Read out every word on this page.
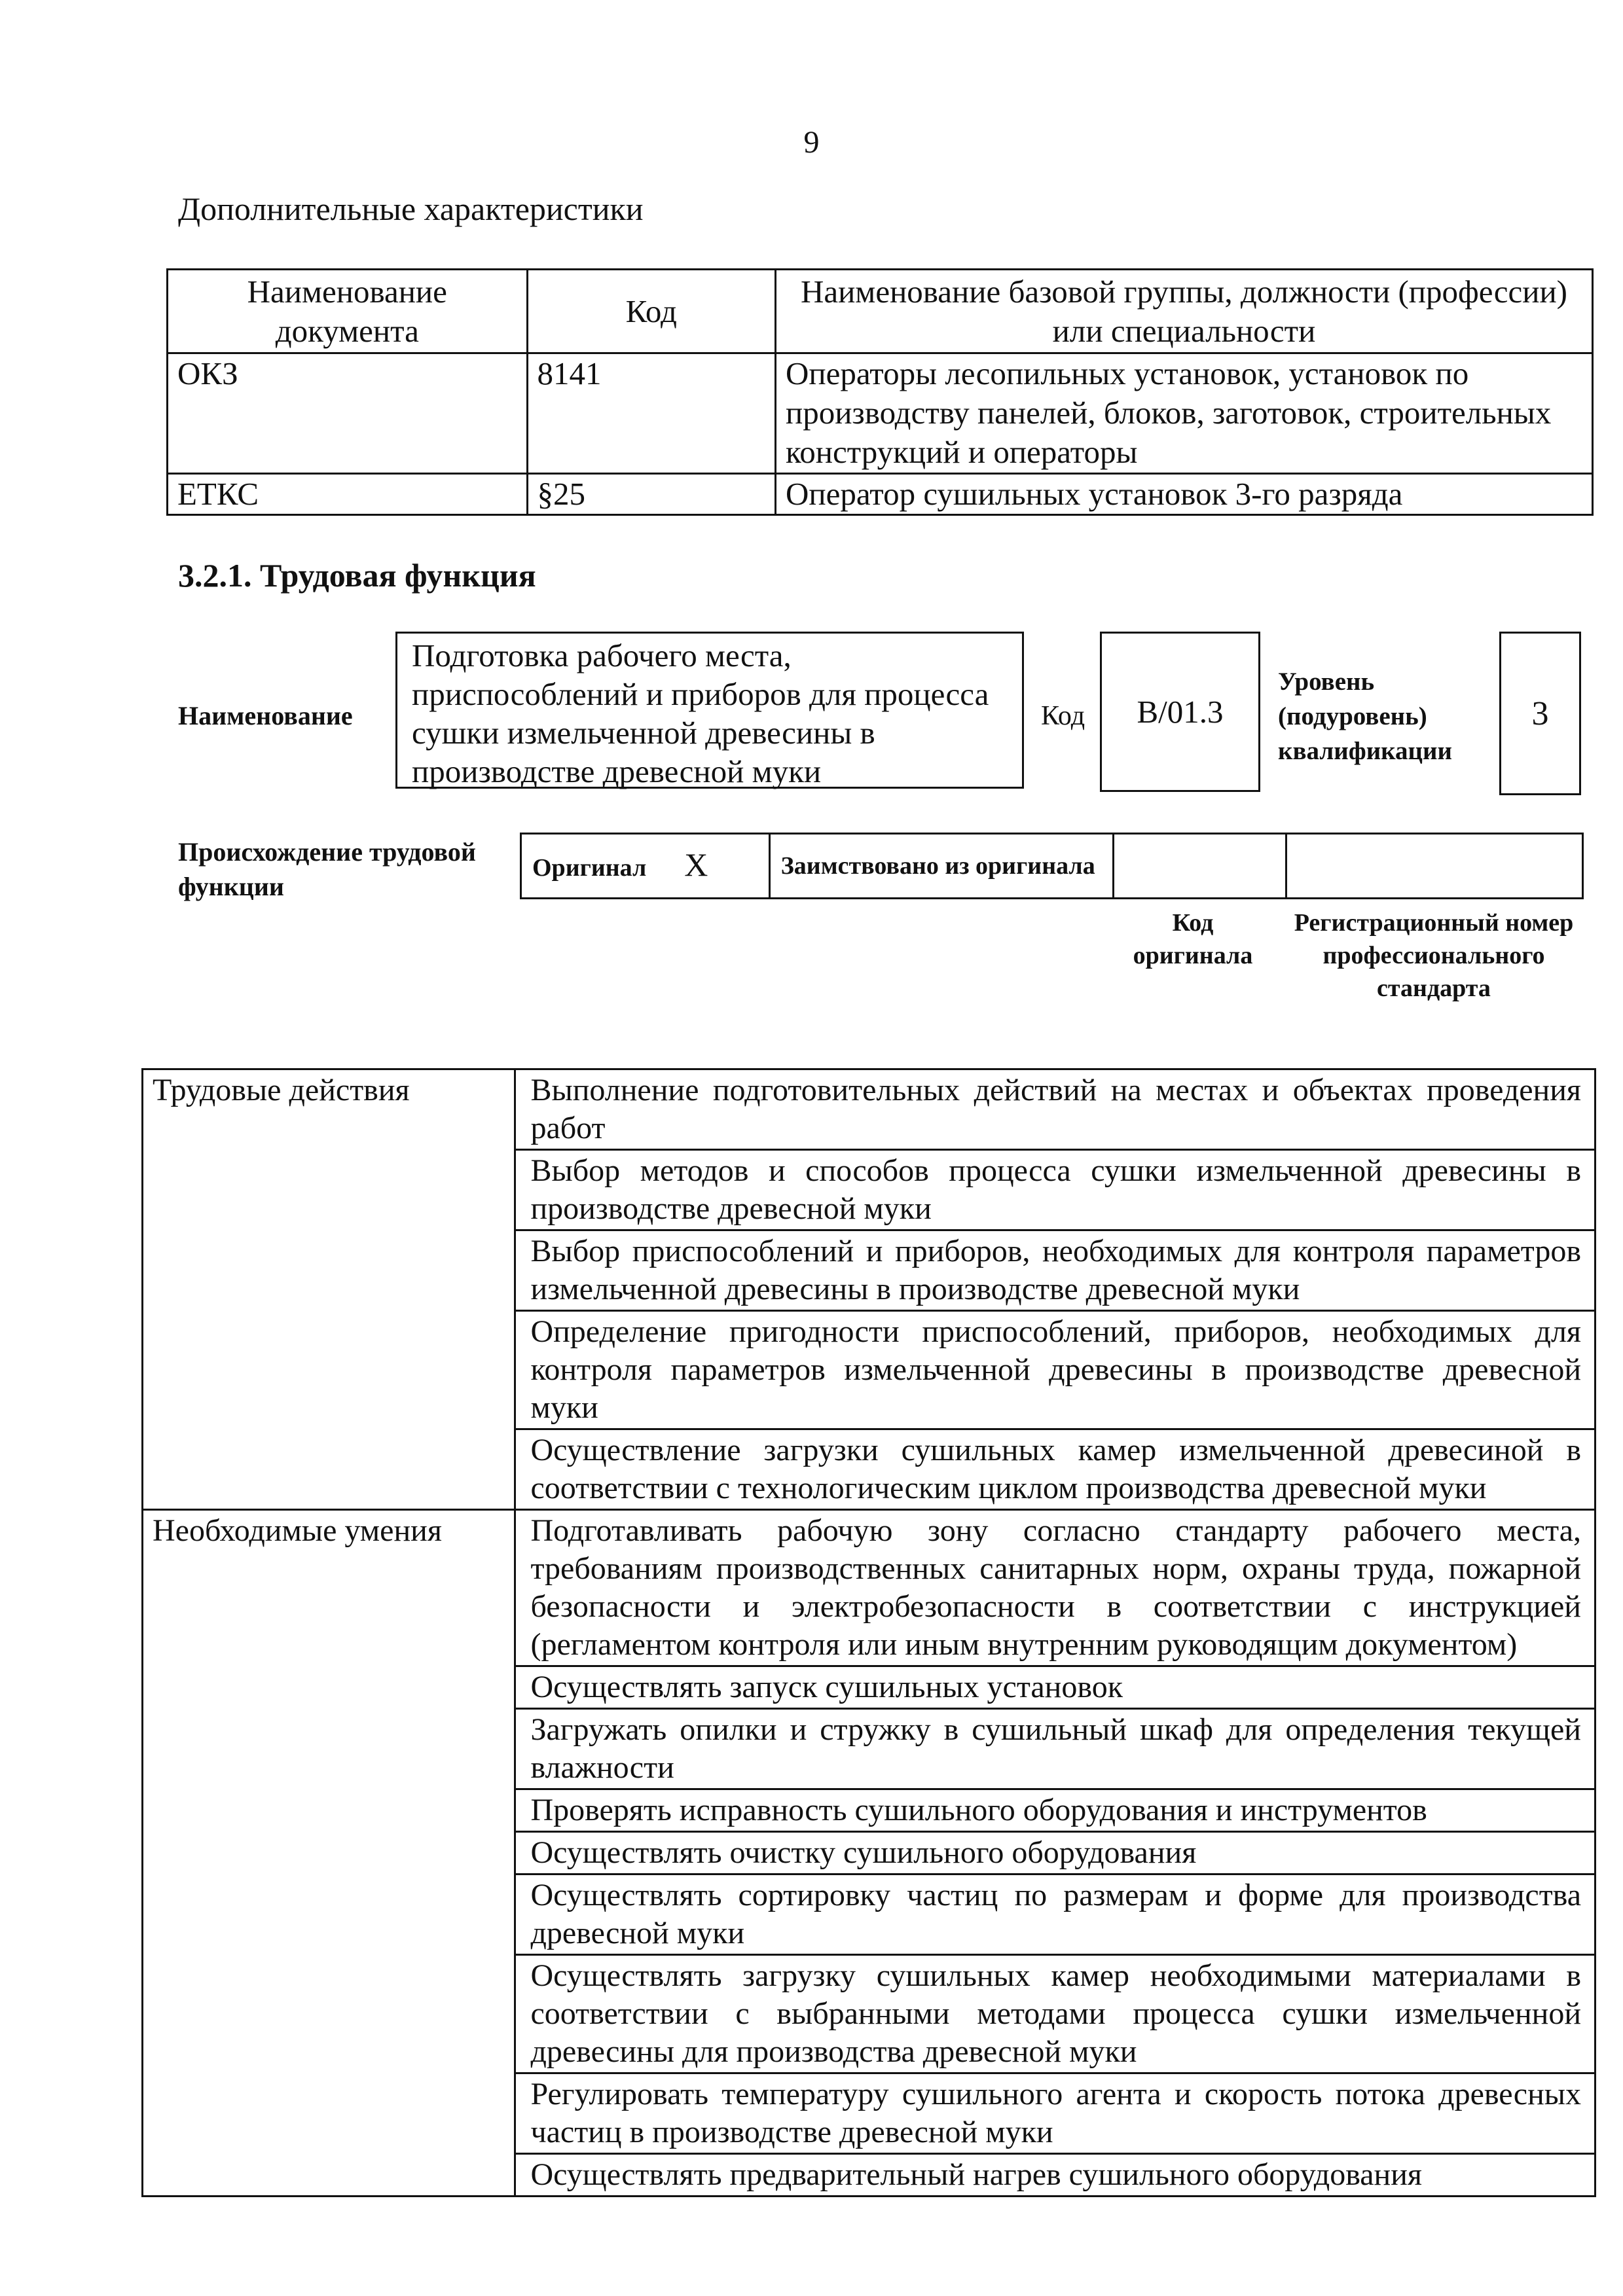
9
Дополнительные характеристики
Наименование документа	Код	Наименование базовой группы, должности (профессии) или специальности
ОКЗ	8141	Операторы лесопильных установок, установок по производству панелей, блоков, заготовок, строительных конструкций и операторы
ЕТКС	§25	Оператор сушильных установок 3-го разряда
3.2.1. Трудовая функция
Наименование
Подготовка рабочего места, приспособлений и приборов для процесса сушки измельченной древесины в производстве древесной муки
Код	В/01.3
Уровень (подуровень) квалификации
3
Происхождение трудовой функции
Оригинал X	Заимствовано из оригинала		
Код оригинала
Регистрационный номер профессионального стандарта
Трудовые действия	Выполнение подготовительных действий на местах и объектах проведения работ
	Выбор методов и способов процесса сушки измельченной древесины в производстве древесной муки
	Выбор приспособлений и приборов, необходимых для контроля параметров измельченной древесины в производстве древесной муки
	Определение пригодности приспособлений, приборов, необходимых для контроля параметров измельченной древесины в производстве древесной муки
	Осуществление загрузки сушильных камер измельченной древесиной в соответствии с технологическим циклом производства древесной муки
Необходимые умения	Подготавливать рабочую зону согласно стандарту рабочего места, требованиям производственных санитарных норм, охраны труда, пожарной безопасности и электробезопасности в соответствии с инструкцией (регламентом контроля или иным внутренним руководящим документом)
	Осуществлять запуск сушильных установок
	Загружать опилки и стружку в сушильный шкаф для определения текущей влажности
	Проверять исправность сушильного оборудования и инструментов
	Осуществлять очистку сушильного оборудования
	Осуществлять сортировку частиц по размерам и форме для производства древесной муки
	Осуществлять загрузку сушильных камер необходимыми материалами в соответствии с выбранными методами процесса сушки измельченной древесины для производства древесной муки
	Регулировать температуру сушильного агента и скорость потока древесных частиц в производстве древесной муки
	Осуществлять предварительный нагрев сушильного оборудования
